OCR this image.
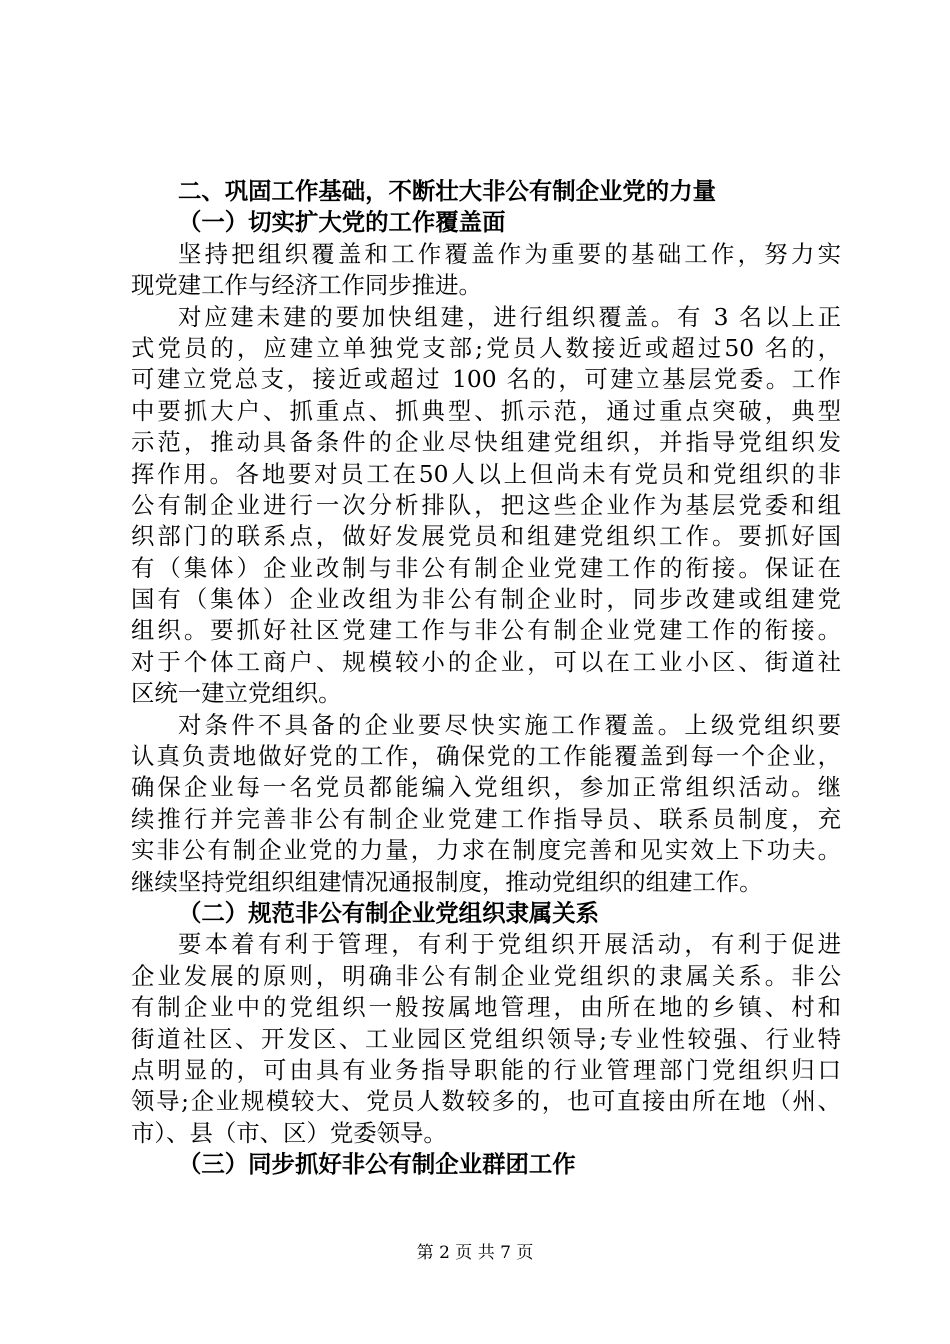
二、巩固工作基础，不断壮大非公有制企业党的力量
（一）切实扩大党的工作覆盖面
坚持把组织覆盖和工作覆盖作为重要的基础工作，努力实
现党建工作与经济工作同步推进。
对应建未建的要加快组建，进行组织覆盖。有 3 名以上正
式党员的，应建立单独党支部;党员人数接近或超过50 名的，
可建立党总支，接近或超过 100 名的，可建立基层党委。工作
中要抓大户、抓重点、抓典型、抓示范，通过重点突破，典型
示范，推动具备条件的企业尽快组建党组织，并指导党组织发
挥作用。各地要对员工在50人以上但尚未有党员和党组织的非
公有制企业进行一次分析排队，把这些企业作为基层党委和组
织部门的联系点，做好发展党员和组建党组织工作。要抓好国
有（集体）企业改制与非公有制企业党建工作的衔接。保证在
国有（集体）企业改组为非公有制企业时，同步改建或组建党
组织。要抓好社区党建工作与非公有制企业党建工作的衔接。
对于个体工商户、规模较小的企业，可以在工业小区、街道社
区统一建立党组织。
对条件不具备的企业要尽快实施工作覆盖。上级党组织要
认真负责地做好党的工作，确保党的工作能覆盖到每一个企业，
确保企业每一名党员都能编入党组织，参加正常组织活动。继
续推行并完善非公有制企业党建工作指导员、联系员制度，充
实非公有制企业党的力量，力求在制度完善和见实效上下功夫。
继续坚持党组织组建情况通报制度，推动党组织的组建工作。
（二）规范非公有制企业党组织隶属关系
要本着有利于管理，有利于党组织开展活动，有利于促进
企业发展的原则，明确非公有制企业党组织的隶属关系。非公
有制企业中的党组织一般按属地管理，由所在地的乡镇、村和
街道社区、开发区、工业园区党组织领导;专业性较强、行业特
点明显的，可由具有业务指导职能的行业管理部门党组织归口
领导;企业规模较大、党员人数较多的，也可直接由所在地（州、
市）、县（市、区）党委领导。
（三）同步抓好非公有制企业群团工作
第 2 页 共 7 页
